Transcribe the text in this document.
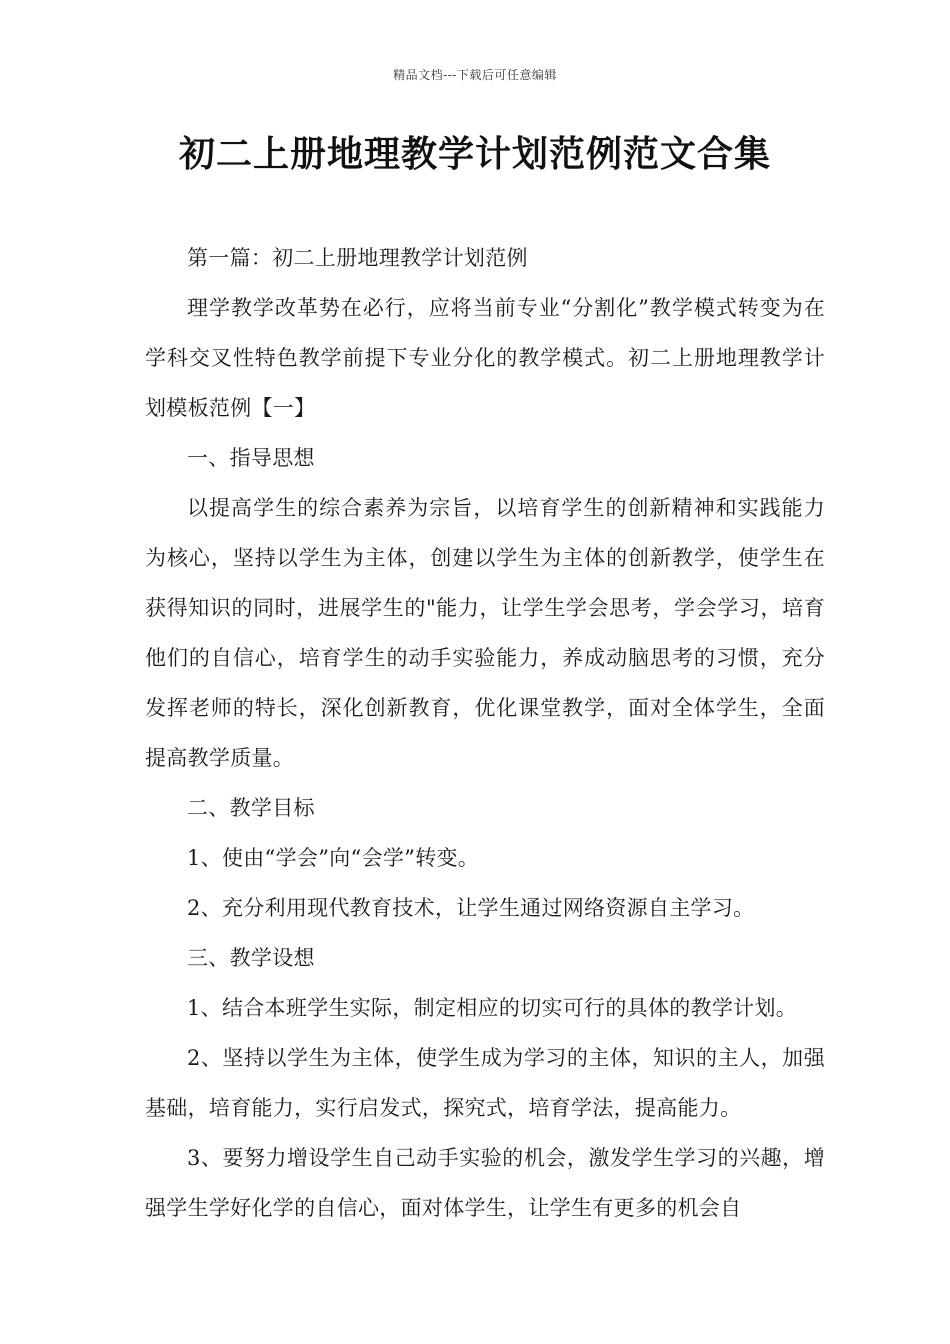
精品文档---下载后可任意编辑
初二上册地理教学计划范例范文合集

第一篇：初二上册地理教学计划范例

理学教学改革势在必行，应将当前专业“分割化”教学模式转变为在学科交叉性特色教学前提下专业分化的教学模式。初二上册地理教学计划模板范例【一】

一、指导思想

以提高学生的综合素养为宗旨，以培育学生的创新精神和实践能力为核心，坚持以学生为主体，创建以学生为主体的创新教学，使学生在获得知识的同时，进展学生的"能力，让学生学会思考，学会学习，培育他们的自信心，培育学生的动手实验能力，养成动脑思考的习惯，充分发挥老师的特长，深化创新教育，优化课堂教学，面对全体学生，全面提高教学质量。

二、教学目标

1、使由“学会”向“会学”转变。

2、充分利用现代教育技术，让学生通过网络资源自主学习。

三、教学设想

1、结合本班学生实际，制定相应的切实可行的具体的教学计划。

2、坚持以学生为主体，使学生成为学习的主体，知识的主人，加强基础，培育能力，实行启发式，探究式，培育学法，提高能力。

3、要努力增设学生自己动手实验的机会，激发学生学习的兴趣，增强学生学好化学的自信心，面对体学生，让学生有更多的机会自
